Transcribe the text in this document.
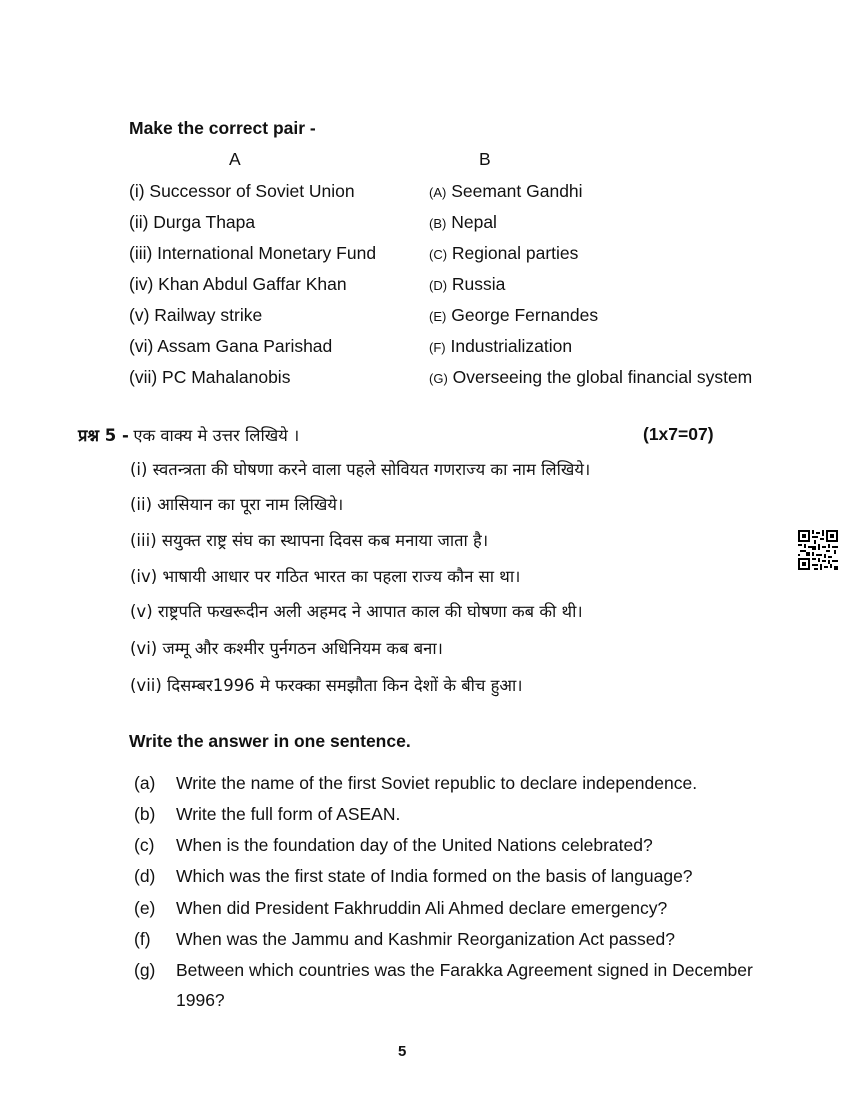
Make the correct pair -
A	B
(i) Successor of Soviet Union
(ii) Durga Thapa
(iii) International Monetary Fund
(iv) Khan Abdul Gaffar Khan
(v) Railway strike
(vi) Assam Gana Parishad
(vii) PC Mahalanobis
(A) Seemant Gandhi
(B) Nepal
(C) Regional parties
(D) Russia
(E) George Fernandes
(F) Industrialization
(G) Overseeing the global financial system
प्रश्न 5 - एक वाक्य मे उत्तर लिखिये ।	(1x7=07)
(i) स्वतन्त्रता की घोषणा करने वाला पहले सोवियत गणराज्य का नाम लिखिये।
(ii) आसियान का पूरा नाम लिखिये।
(iii) सयुक्त राष्ट्र संघ का स्थापना दिवस कब मनाया जाता है।
(iv) भाषायी आधार पर गठित भारत का पहला राज्य कौन सा था।
(v) राष्ट्रपति फखरूदीन अली अहमद ने आपात काल की घोषणा कब की थी।
(vi) जम्मू और कश्मीर पुर्नगठन अधिनियम कब बना।
(vii) दिसम्बर1996 मे फरक्का समझौता किन देशों के बीच हुआ।
Write the answer in one sentence.
(a) Write the name of the first Soviet republic to declare independence.
(b) Write the full form of ASEAN.
(c) When is the foundation day of the United Nations celebrated?
(d) Which was the first state of India formed on the basis of language?
(e) When did President Fakhruddin Ali Ahmed declare emergency?
(f) When was the Jammu and Kashmir Reorganization Act passed?
(g) Between which countries was the Farakka Agreement signed in December
1996?
5
